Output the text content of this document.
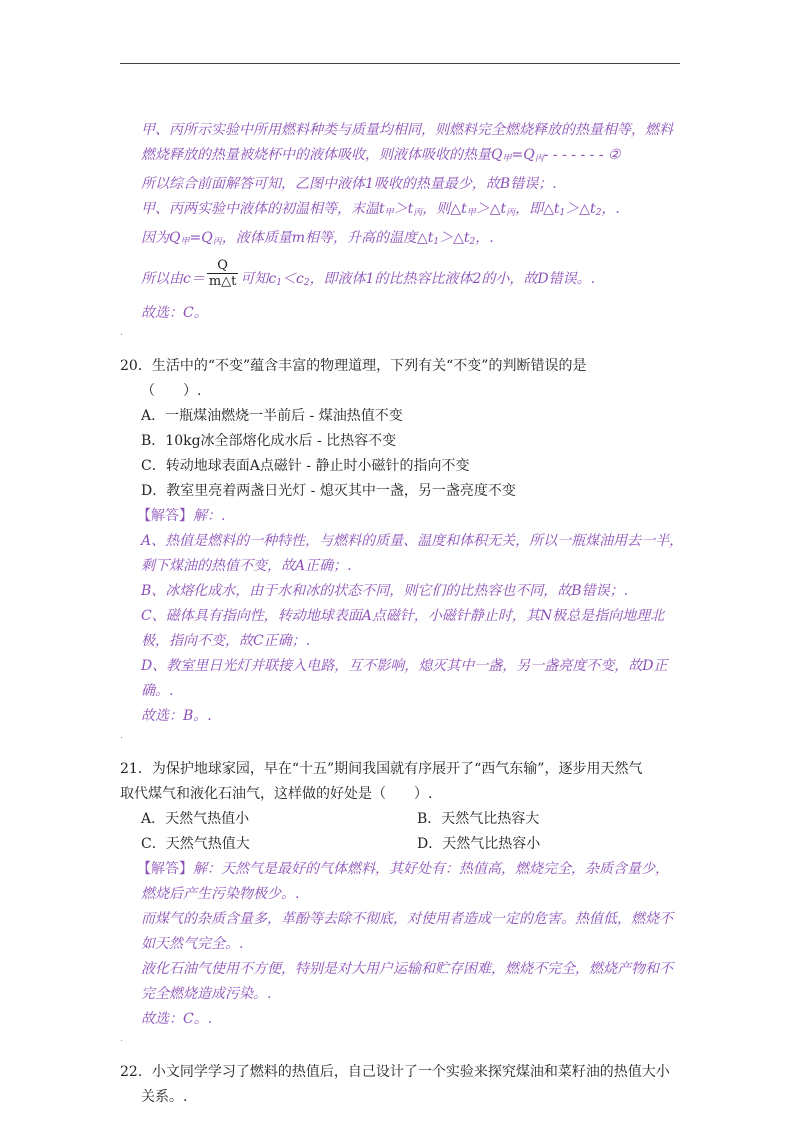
甲、丙所示实验中所用燃料种类与质量均相同，则燃料完全燃烧释放的热量相等，燃料
燃烧释放的热量被烧杯中的液体吸收，则液体吸收的热量$Q_甲=Q_丙-$ - - - - - - ②
所以综合前面解答可知，乙图中液体1吸收的热量最少，故B错误；.
甲、丙两实验中液体的初温相等，末温$t_甲>t_丙$，则$\triangle t_甲>\triangle t_丙$，即$\triangle t_1>\triangle t_2$，.
因为$Q_甲=Q_丙$，液体质量m相等，升高的温度$\triangle t_1>\triangle t_2$，.
所以由$c= \frac{Q}{m\triangle t}$ 可知$c_1<c_2$，即液体1的比热容比液体2的小，故D错误。.
故选：C。
.
20．生活中的“不变”蕴含丰富的物理道理，下列有关“不变”的判断错误的是
（　　）.
A．一瓶煤油燃烧一半前后 - 煤油热值不变
B．10kg冰全部熔化成水后 - 比热容不变
C．转动地球表面A点磁针 - 静止时小磁针的指向不变
D．教室里亮着两盏日光灯 - 熄灭其中一盏，另一盏亮度不变
【解答】解：.
A、热值是燃料的一种特性，与燃料的质量、温度和体积无关，所以一瓶煤油用去一半，
剩下煤油的热值不变，故A正确；.
B、冰熔化成水，由于水和冰的状态不同，则它们的比热容也不同，故B错误；.
C、磁体具有指向性，转动地球表面A点磁针，小磁针静止时，其N极总是指向地理北
极，指向不变，故C正确；.
D、教室里日光灯并联接入电路，互不影响，熄灭其中一盏，另一盏亮度不变，故D正
确。.
故选：B。.
.
21．为保护地球家园，早在“十五”期间我国就有序展开了“西气东输”，逐步用天然气
取代煤气和液化石油气，这样做的好处是（　　）.
A．天然气热值小	B．天然气比热容大
C．天然气热值大	D．天然气比热容小
【解答】解：天然气是最好的气体燃料，其好处有：热值高，燃烧完全，杂质含量少，
燃烧后产生污染物极少。.
而煤气的杂质含量多，革酚等去除不彻底，对使用者造成一定的危害。热值低，燃烧不
如天然气完全。.
液化石油气使用不方便，特别是对大用户运输和贮存困难，燃烧不完全，燃烧产物和不
完全燃烧造成污染。.
故选：C。.
.
22．小文同学学习了燃料的热值后，自己设计了一个实验来探究煤油和菜籽油的热值大小
关系。.
